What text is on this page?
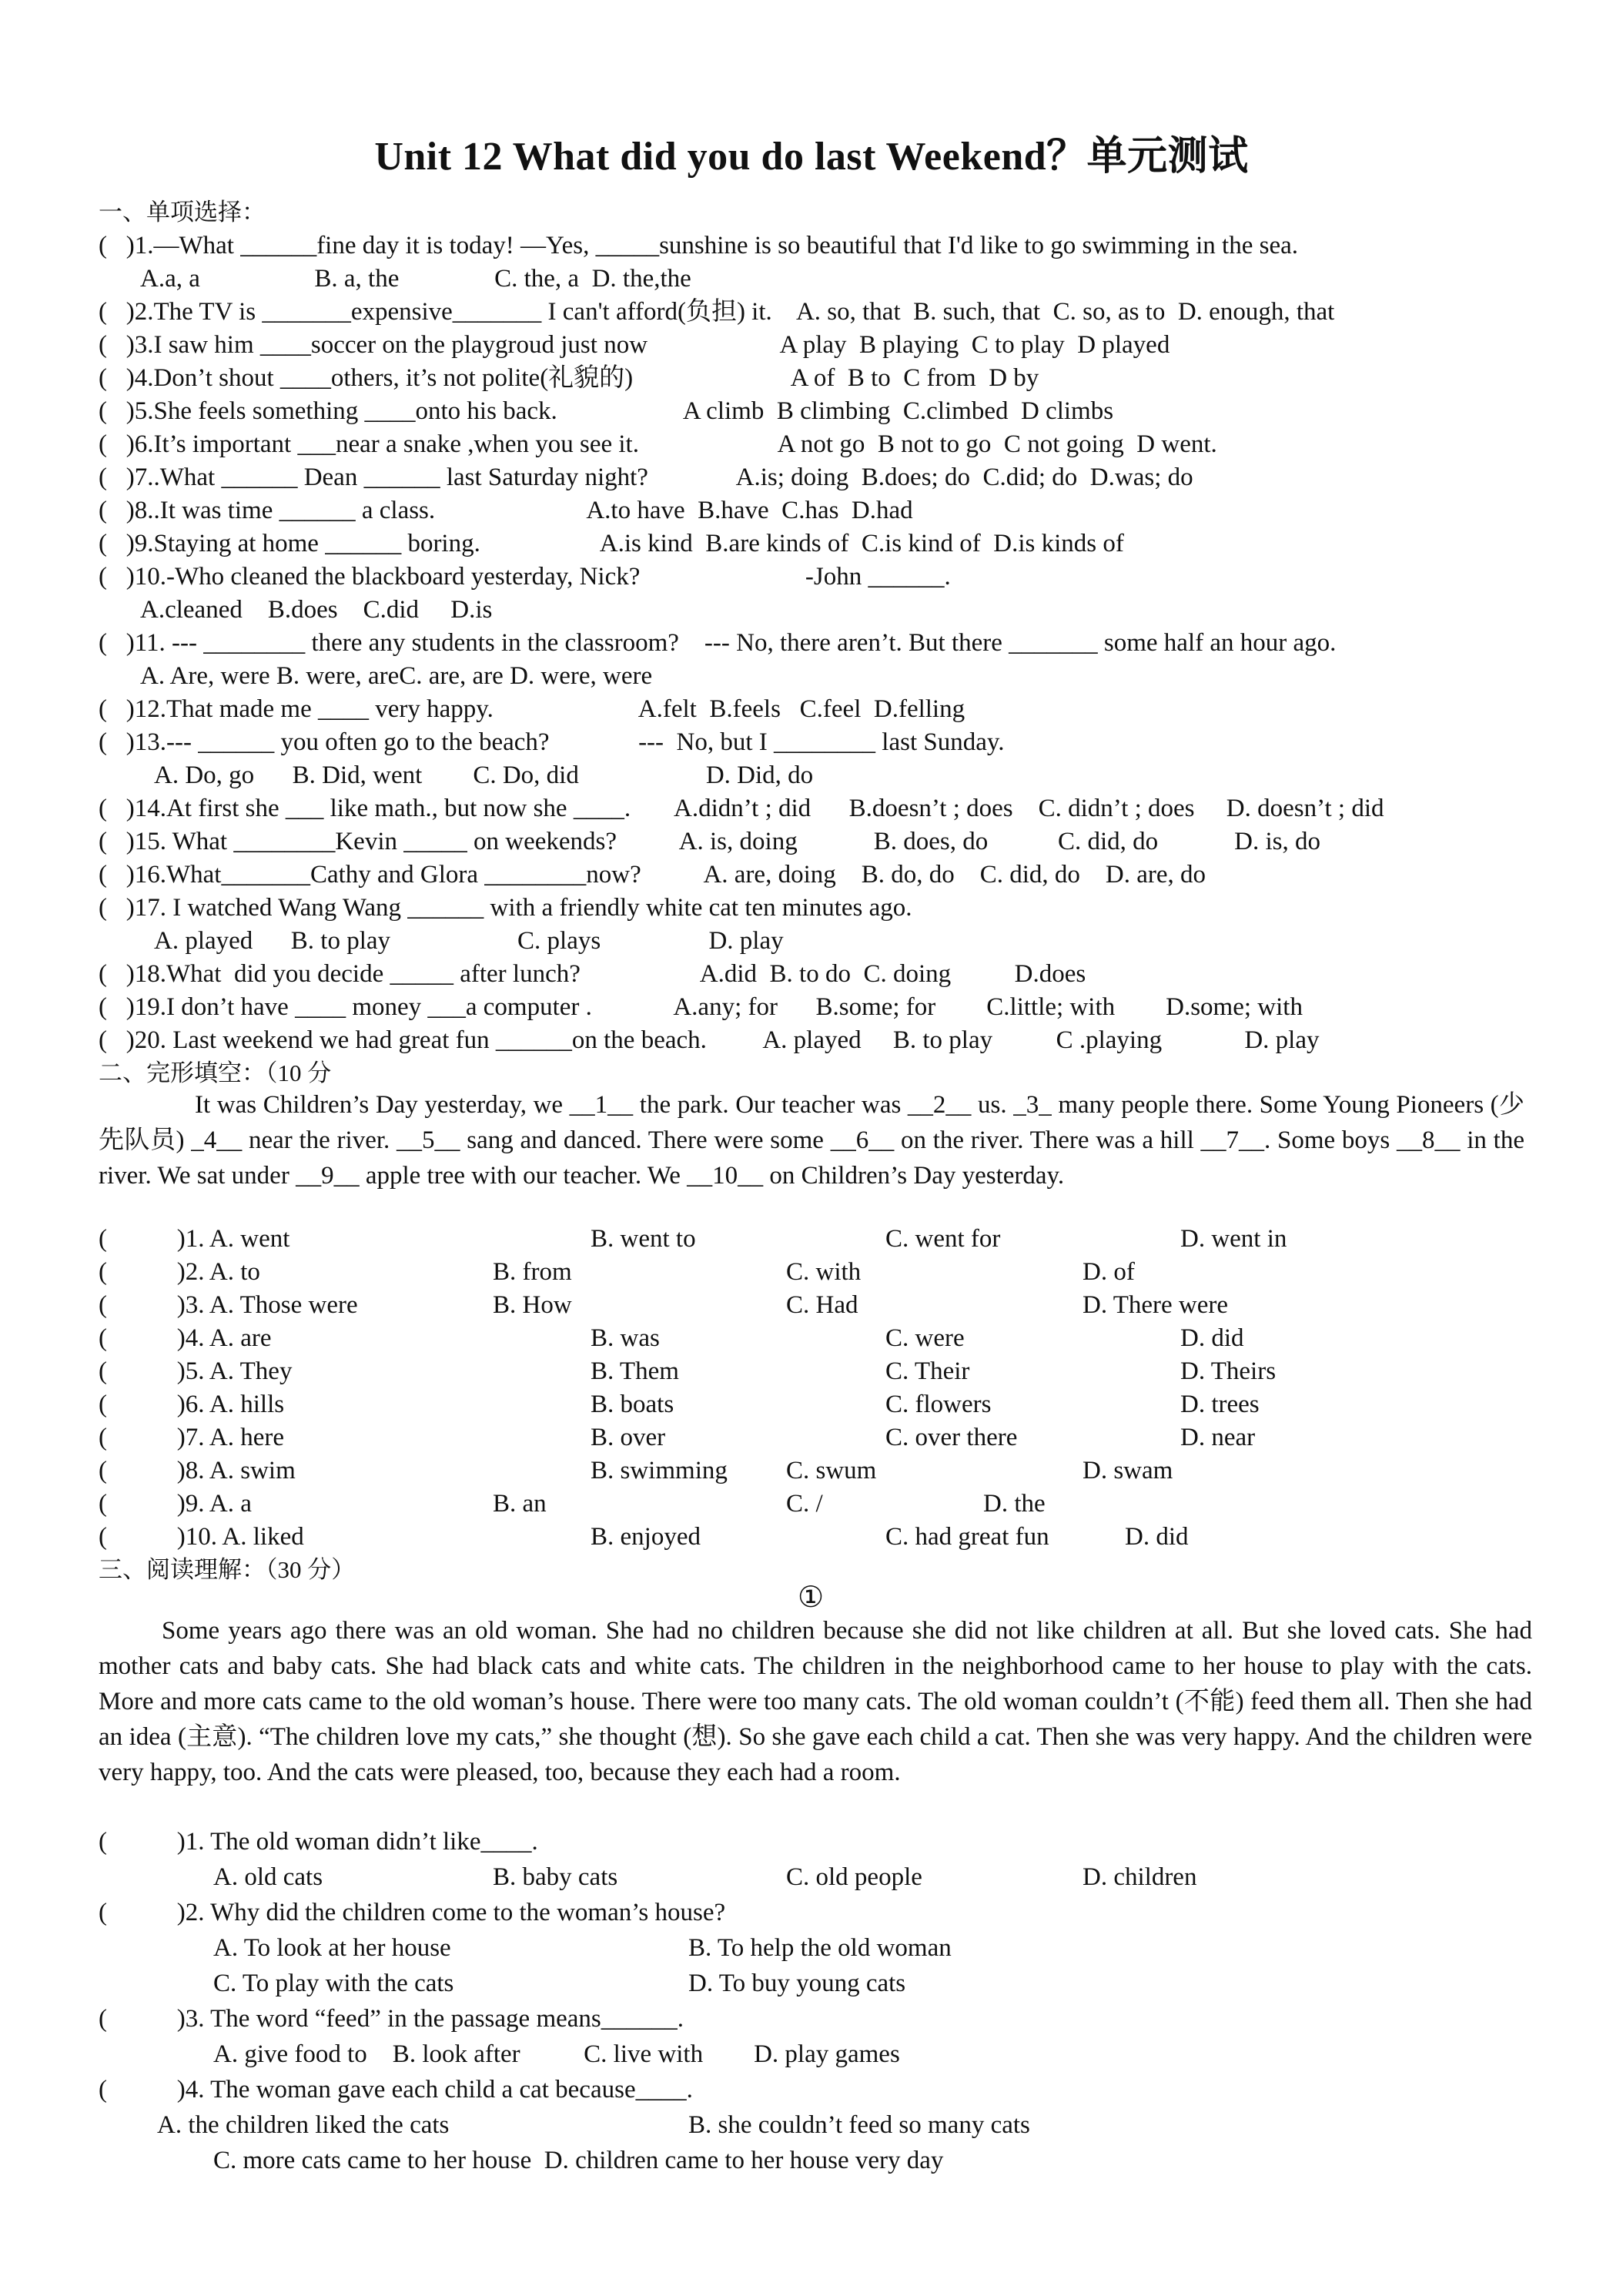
Unit 12 What did you do last Weekend？单元测试
一、单项选择：
(   )1.—What ______fine day it is today! —Yes, _____sunshine is so beautiful that I'd like to go swimming in the sea.
A.a, a                  B. a, the               C. the, a  D. the,the
(   )2.The TV is _______expensive_______ I can't afford(负担) it.    A. so, that  B. such, that  C. so, as to  D. enough, that
(   )3.I saw him ____soccer on the playgroud just now                     A play  B playing  C to play  D played
(   )4.Don’t shout ____others, it’s not polite(礼貌的)                         A of  B to  C from  D by
(   )5.She feels something ____onto his back.                    A climb  B climbing  C.climbed  D climbs
(   )6.It’s important ___near a snake ,when you see it.                      A not go  B not to go  C not going  D went.
(   )7..What ______ Dean ______ last Saturday night?              A.is; doing  B.does; do  C.did; do  D.was; do
(   )8..It was time ______ a class.                        A.to have  B.have  C.has  D.had
(   )9.Staying at home ______ boring.                   A.is kind  B.are kinds of  C.is kind of  D.is kinds of
(   )10.-Who cleaned the blackboard yesterday, Nick?                          -John ______.
A.cleaned    B.does    C.did     D.is
(   )11. --- ________ there any students in the classroom?    --- No, there aren’t. But there _______ some half an hour ago.
A. Are, were B. were, areC. are, are D. were, were
(   )12.That made me ____ very happy.                       A.felt  B.feels   C.feel  D.felling
(   )13.--- ______ you often go to the beach?              ---  No, but I ________ last Sunday.
A. Do, go      B. Did, went        C. Do, did                    D. Did, do
(   )14.At first she ___ like math., but now she ____.       A.didn’t ; did      B.doesn’t ; does    C. didn’t ; does     D. doesn’t ; did
(   )15. What ________Kevin _____ on weekends?          A. is, doing            B. does, do           C. did, do            D. is, do
(   )16.What_______Cathy and Glora ________now?          A. are, doing    B. do, do    C. did, do    D. are, do
(   )17. I watched Wang Wang ______ with a friendly white cat ten minutes ago.
A. played      B. to play                    C. plays                 D. play
(   )18.What  did you decide _____ after lunch?                   A.did  B. to do  C. doing          D.does
(   )19.I don’t have ____ money ___a computer .             A.any; for      B.some; for        C.little; with        D.some; with
(   )20. Last weekend we had great fun ______on the beach.         A. played     B. to play          C .playing             D. play
二、完形填空：（10 分
It was Children’s Day yesterday, we __1__ the park. Our teacher was __2__ us. _3_ many people there. Some Young Pioneers (少先队员) _4__ near the river. __5__ sang and danced. There were some __6__ on the river. There was a hill __7__. Some boys __8__ in the river. We sat under __9__ apple tree with our teacher. We __10__ on Children’s Day yesterday.
(           )1. A. went	B. went to	C. went for	D. went in
(           )2. A. to	B. from	C. with	D. of
(           )3. A. Those were	B. How	C. Had	D. There were
(           )4. A. are	B. was	C. were	D. did
(           )5. A. They	B. Them	C. Their	D. Theirs
(           )6. A. hills	B. boats	C. flowers	D. trees
(           )7. A. here	B. over	C. over there	D. near
(           )8. A. swim	B. swimming C. swum	D. swam
(           )9. A. a	B. an	C. /	D. the
(           )10. A. liked	B. enjoyed	C. had great fun	D. did
三、阅读理解：（30 分）
①
Some years ago there was an old woman. She had no children because she did not like children at all. But she loved cats. She had mother cats and baby cats. She had black cats and white cats. The children in the neighborhood came to her house to play with the cats. More and more cats came to the old woman’s house. There were too many cats. The old woman couldn’t (不能) feed them all. Then she had an idea (主意). “The children love my cats,” she thought (想). So she gave each child a cat. Then she was very happy. And the children were very happy, too. And the cats were pleased, too, because they each had a room.
(           )1. The old woman didn’t like____.
A. old cats	B. baby cats	C. old people	D. children
(           )2. Why did the children come to the woman’s house?
A. To look at her house	B. To help the old woman
C. To play with the cats	D. To buy young cats
(           )3. The word “feed” in the passage means______.
A. give food to    B. look after          C. live with        D. play games
(           )4. The woman gave each child a cat because____.
A. the children liked the cats	B. she couldn’t feed so many cats
C. more cats came to her house  D. children came to her house very day
